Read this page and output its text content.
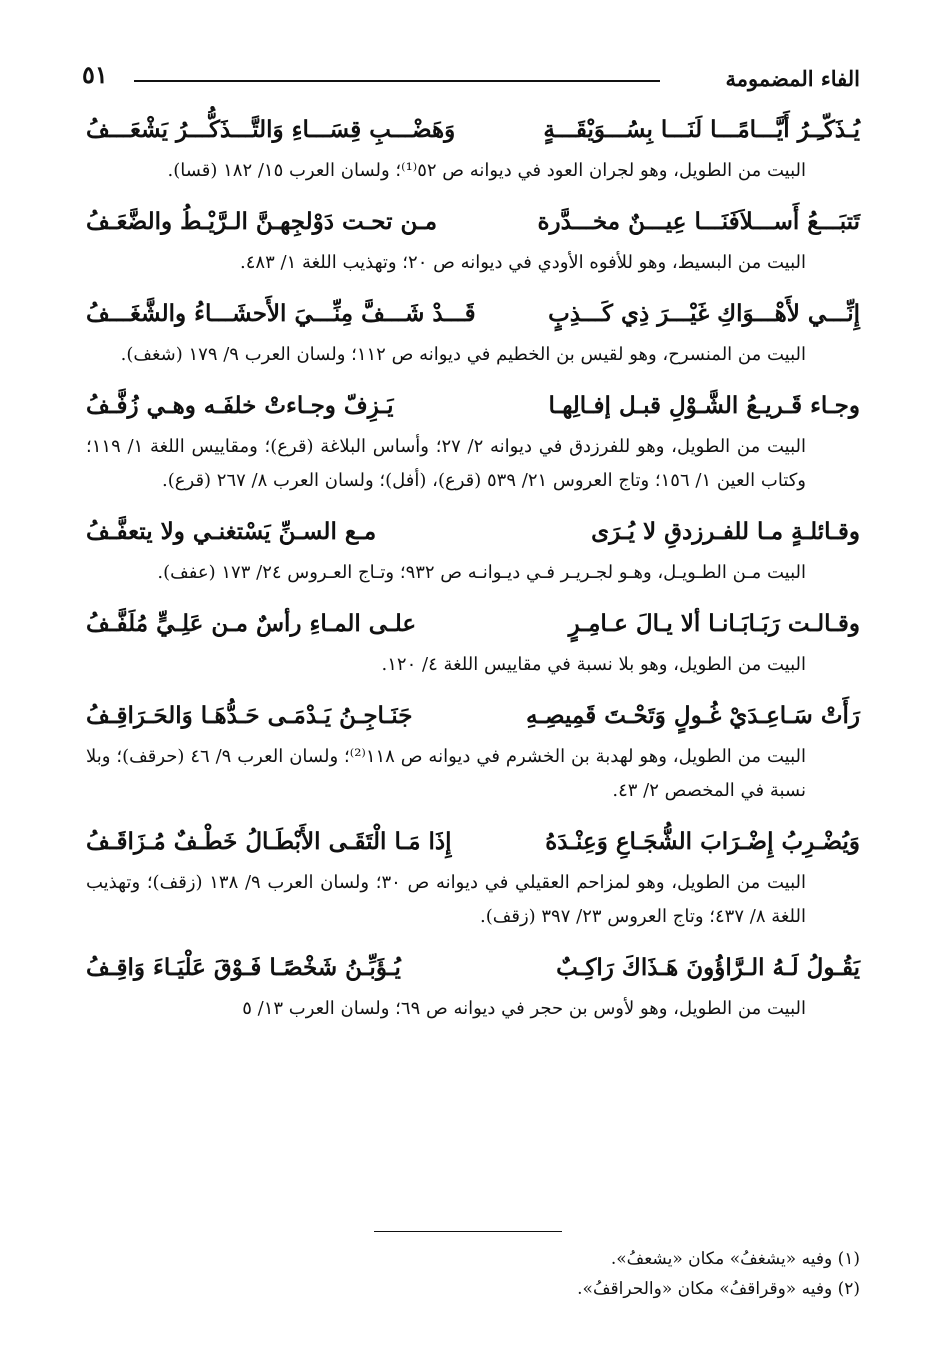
الفاء المضمومة
٥١
يُـذَكّـِـرُ أَيَّـــامًـــا لَنَـــا بِسُـــوَيْقَـــةٍ
وَهَضْـــبِ قِسَـــاءِ وَالتَّـــذَكُّـــرُ يَشْعَـــفُ
البيت من الطويل، وهو لجران العود في ديوانه ص ٥٢⁽¹⁾؛ ولسان العرب ١٥/ ١٨٢ (قسا).
تَتبَـــعُ أَســـلاَفَنَـــا عِيـــنٌ مخـــدَّرة
مـن تحـت دَوْلجِهـنَّ الـرَّيْـطُ والضَّعَـفُ
البيت من البسيط، وهو للأفوه الأودي في ديوانه ص ٢٠؛ وتهذيب اللغة ١/ ٤٨٣.
إِنِّـــي لأَهْـــوَاكِ غَيْـــرَ ذِي كَـــذِبٍ
قَـــدْ شَـــفَّ مِنِّـــيَ الأَحشَـــاءُ والشَّغَـــفُ
البيت من المنسرح، وهو لقيس بن الخطيم في ديوانه ص ١١٢؛ ولسان العرب ٩/ ١٧٩ (شغف).
وجـاء قَـريـعُ الشَّـوْلِ قبـل إفـالِهـا
يَـزِفّ وجـاءتْ خلفَـه وهـي زُفَّـفُ
البيت من الطويل، وهو للفرزدق في ديوانه ٢/ ٢٧؛ وأساس البلاغة (قرع)؛ ومقاييس اللغة ١/ ١١٩؛ وكتاب العين ١/ ١٥٦؛ وتاج العروس ٢١/ ٥٣٩ (قرع)، (أفل)؛ ولسان العرب ٨/ ٢٦٧ (قرع).
وقـائلـةٍ مـا للفـرزدقِ لا يُـرَى
مـع السـنِّ يَسْتغنـي ولا يتعفَّـفُ
البيت مـن الطـويـل، وهـو لجـريـر فـي ديـوانـه ص ٩٣٢؛ وتـاج العـروس ٢٤/ ١٧٣ (عفف).
وقـالـت رَبَـابَـانـا ألا يـالَ عـامِـرٍ
علـى المـاءِ رأسٌ مـن عَلِـيٍّ مُلَفَّـفُ
البيت من الطويل، وهو بلا نسبة في مقاييس اللغة ٤/ ١٢٠.
رَأَتْ سَـاعِـدَيْ غُـولٍ وَتَحْـتَ قَمِيصِـهِ
جَنَـاجِـنُ يَـدْمَـى حَـدُّهَـا وَالحَـرَاقِـفُ
البيت من الطويل، وهو لهدبة بن الخشرم في ديوانه ص ١١٨⁽²⁾؛ ولسان العرب ٩/ ٤٦ (حرقف)؛ وبلا نسبة في المخصص ٢/ ٤٣.
وَيُضْـرِبُ إِضْـرَابَ الشُّجَـاعِ وَعِنْـدَهُ
إِذَا مَـا الْتَقَـى الأَبْطَـالُ خَطْـفٌ مُـزَاقَـفُ
البيت من الطويل، وهو لمزاحم العقيلي في ديوانه ص ٣٠؛ ولسان العرب ٩/ ١٣٨ (زقف)؛ وتهذيب اللغة ٨/ ٤٣٧؛ وتاج العروس ٢٣/ ٣٩٧ (زقف).
يَقُـولُ لَـهُ الـرَّاؤُونَ هَـذَاكَ رَاكِـبٌ
يُـؤَبِّـنُ شَخْصًـا فَـوْقَ عَلْيَـاءَ وَاقِـفُ
البيت من الطويل، وهو لأوس بن حجر في ديوانه ص ٦٩؛ ولسان العرب ١٣/ ٥
(١) وفيه «يشغفُ» مكان «يشعفُ».
(٢) وفيه «وقراقفُ» مكان «والحراقفُ».
